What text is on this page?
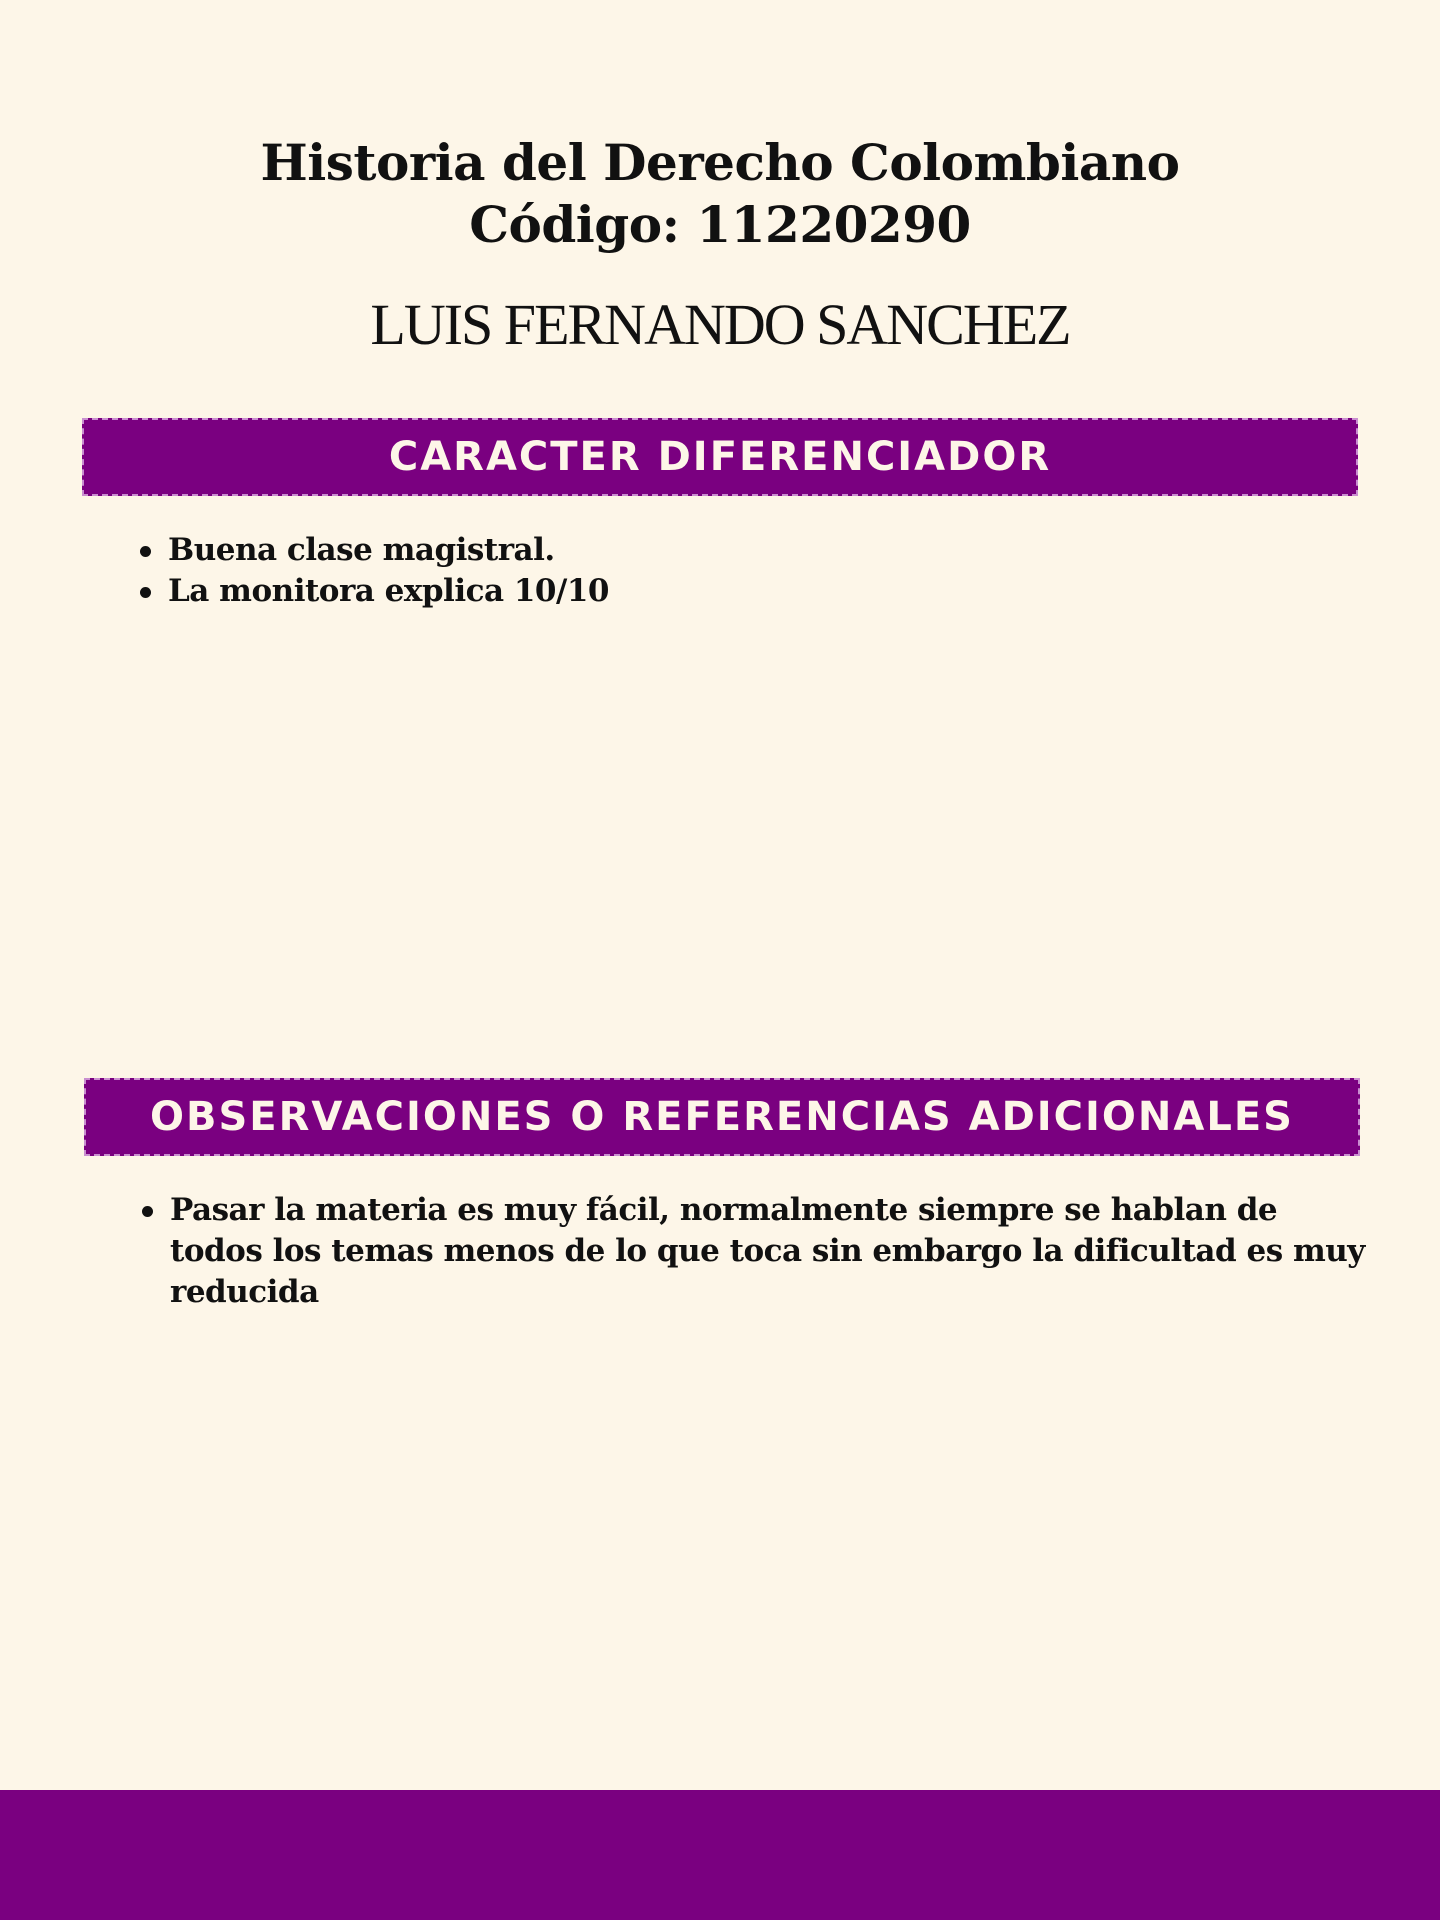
Historia del Derecho Colombiano
Código: 11220290

LUIS FERNANDO SANCHEZ

CARACTER DIFERENCIADOR
Buena clase magistral.
La monitora explica 10/10
OBSERVACIONES O REFERENCIAS ADICIONALES
Pasar la materia es muy fácil, normalmente siempre se hablan de todos los temas menos de lo que toca sin embargo la dificultad es muy reducida
